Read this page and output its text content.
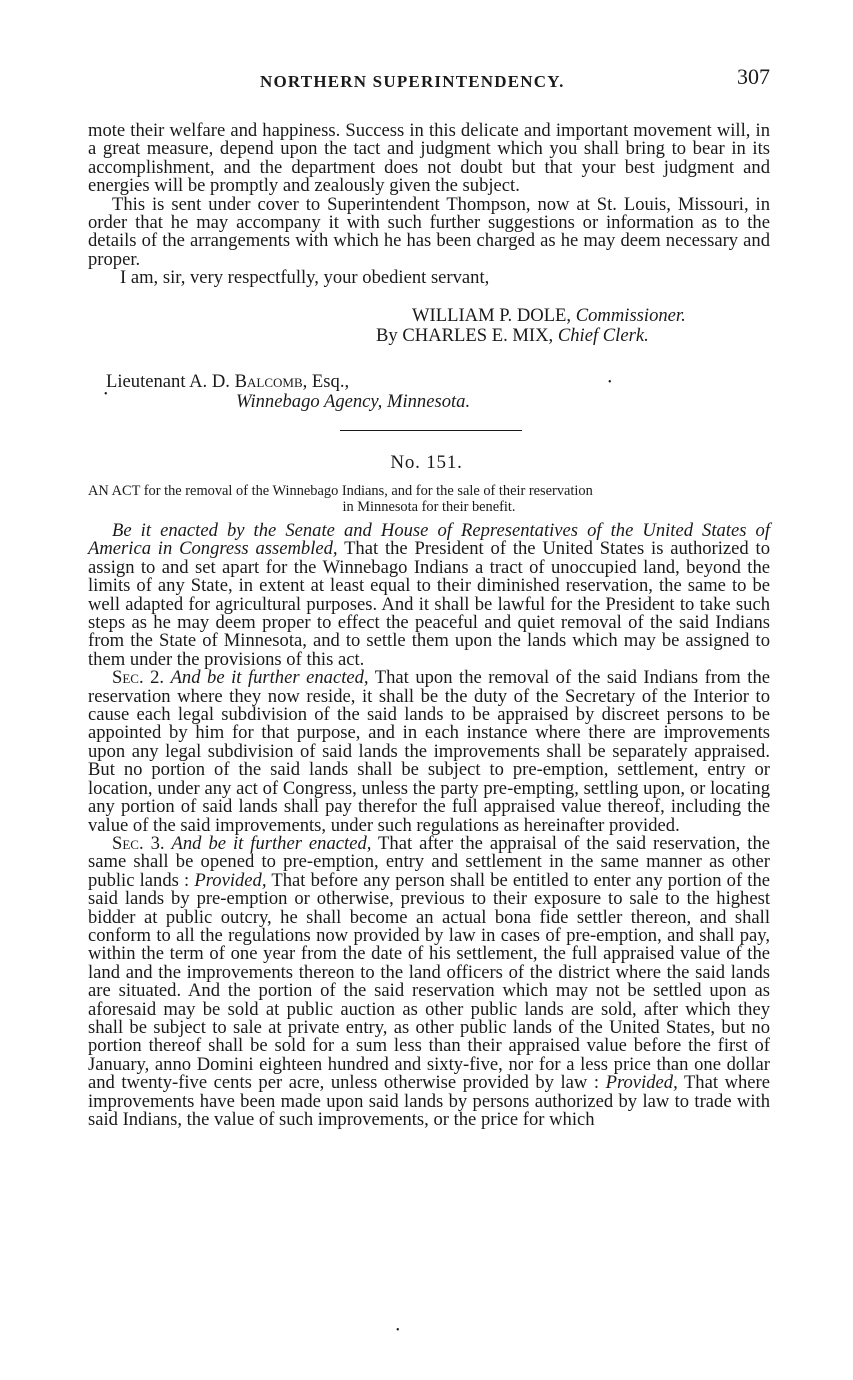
NORTHERN SUPERINTENDENCY.	307

mote their welfare and happiness. Success in this delicate and important movement will, in a great measure, depend upon the tact and judgment which you shall bring to bear in its accomplishment, and the department does not doubt but that your best judgment and energies will be promptly and zealously given the subject.

This is sent under cover to Superintendent Thompson, now at St. Louis, Missouri, in order that he may accompany it with such further suggestions or information as to the details of the arrangements with which he has been charged as he may deem necessary and proper.

I am, sir, very respectfully, your obedient servant,

WILLIAM P. DOLE, Commissioner.
By CHARLES E. MIX, Chief Clerk.
Lieutenant A. D. Balcomb, Esq.,
Winnebago Agency, Minnesota.
No. 151.
AN ACT for the removal of the Winnebago Indians, and for the sale of their reservation
in Minnesota for their benefit.

Be it enacted by the Senate and House of Representatives of the United States of America in Congress assembled, That the President of the United States is authorized to assign to and set apart for the Winnebago Indians a tract of unoccupied land, beyond the limits of any State, in extent at least equal to their diminished reservation, the same to be well adapted for agricultural purposes. And it shall be lawful for the President to take such steps as he may deem proper to effect the peaceful and quiet removal of the said Indians from the State of Minnesota, and to settle them upon the lands which may be assigned to them under the provisions of this act.

Sec. 2. And be it further enacted, That upon the removal of the said Indians from the reservation where they now reside, it shall be the duty of the Secretary of the Interior to cause each legal subdivision of the said lands to be appraised by discreet persons to be appointed by him for that purpose, and in each instance where there are improvements upon any legal subdivision of said lands the improvements shall be separately appraised. But no portion of the said lands shall be subject to pre-emption, settlement, entry or location, under any act of Congress, unless the party pre-empting, settling upon, or locating any portion of said lands shall pay therefor the full appraised value thereof, including the value of the said improvements, under such regulations as hereinafter provided.

Sec. 3. And be it further enacted, That after the appraisal of the said reservation, the same shall be opened to pre-emption, entry and settlement in the same manner as other public lands : Provided, That before any person shall be entitled to enter any portion of the said lands by pre-emption or otherwise, previous to their exposure to sale to the highest bidder at public outcry, he shall become an actual bona fide settler thereon, and shall conform to all the regulations now provided by law in cases of pre-emption, and shall pay, within the term of one year from the date of his settlement, the full appraised value of the land and the improvements thereon to the land officers of the district where the said lands are situated. And the portion of the said reservation which may not be settled upon as aforesaid may be sold at public auction as other public lands are sold, after which they shall be subject to sale at private entry, as other public lands of the United States, but no portion thereof shall be sold for a sum less than their appraised value before the first of January, anno Domini eighteen hundred and sixty-five, nor for a less price than one dollar and twenty-five cents per acre, unless otherwise provided by law : Provided, That where improvements have been made upon said lands by persons authorized by law to trade with said Indians, the value of such improvements, or the price for which

•
•
•
